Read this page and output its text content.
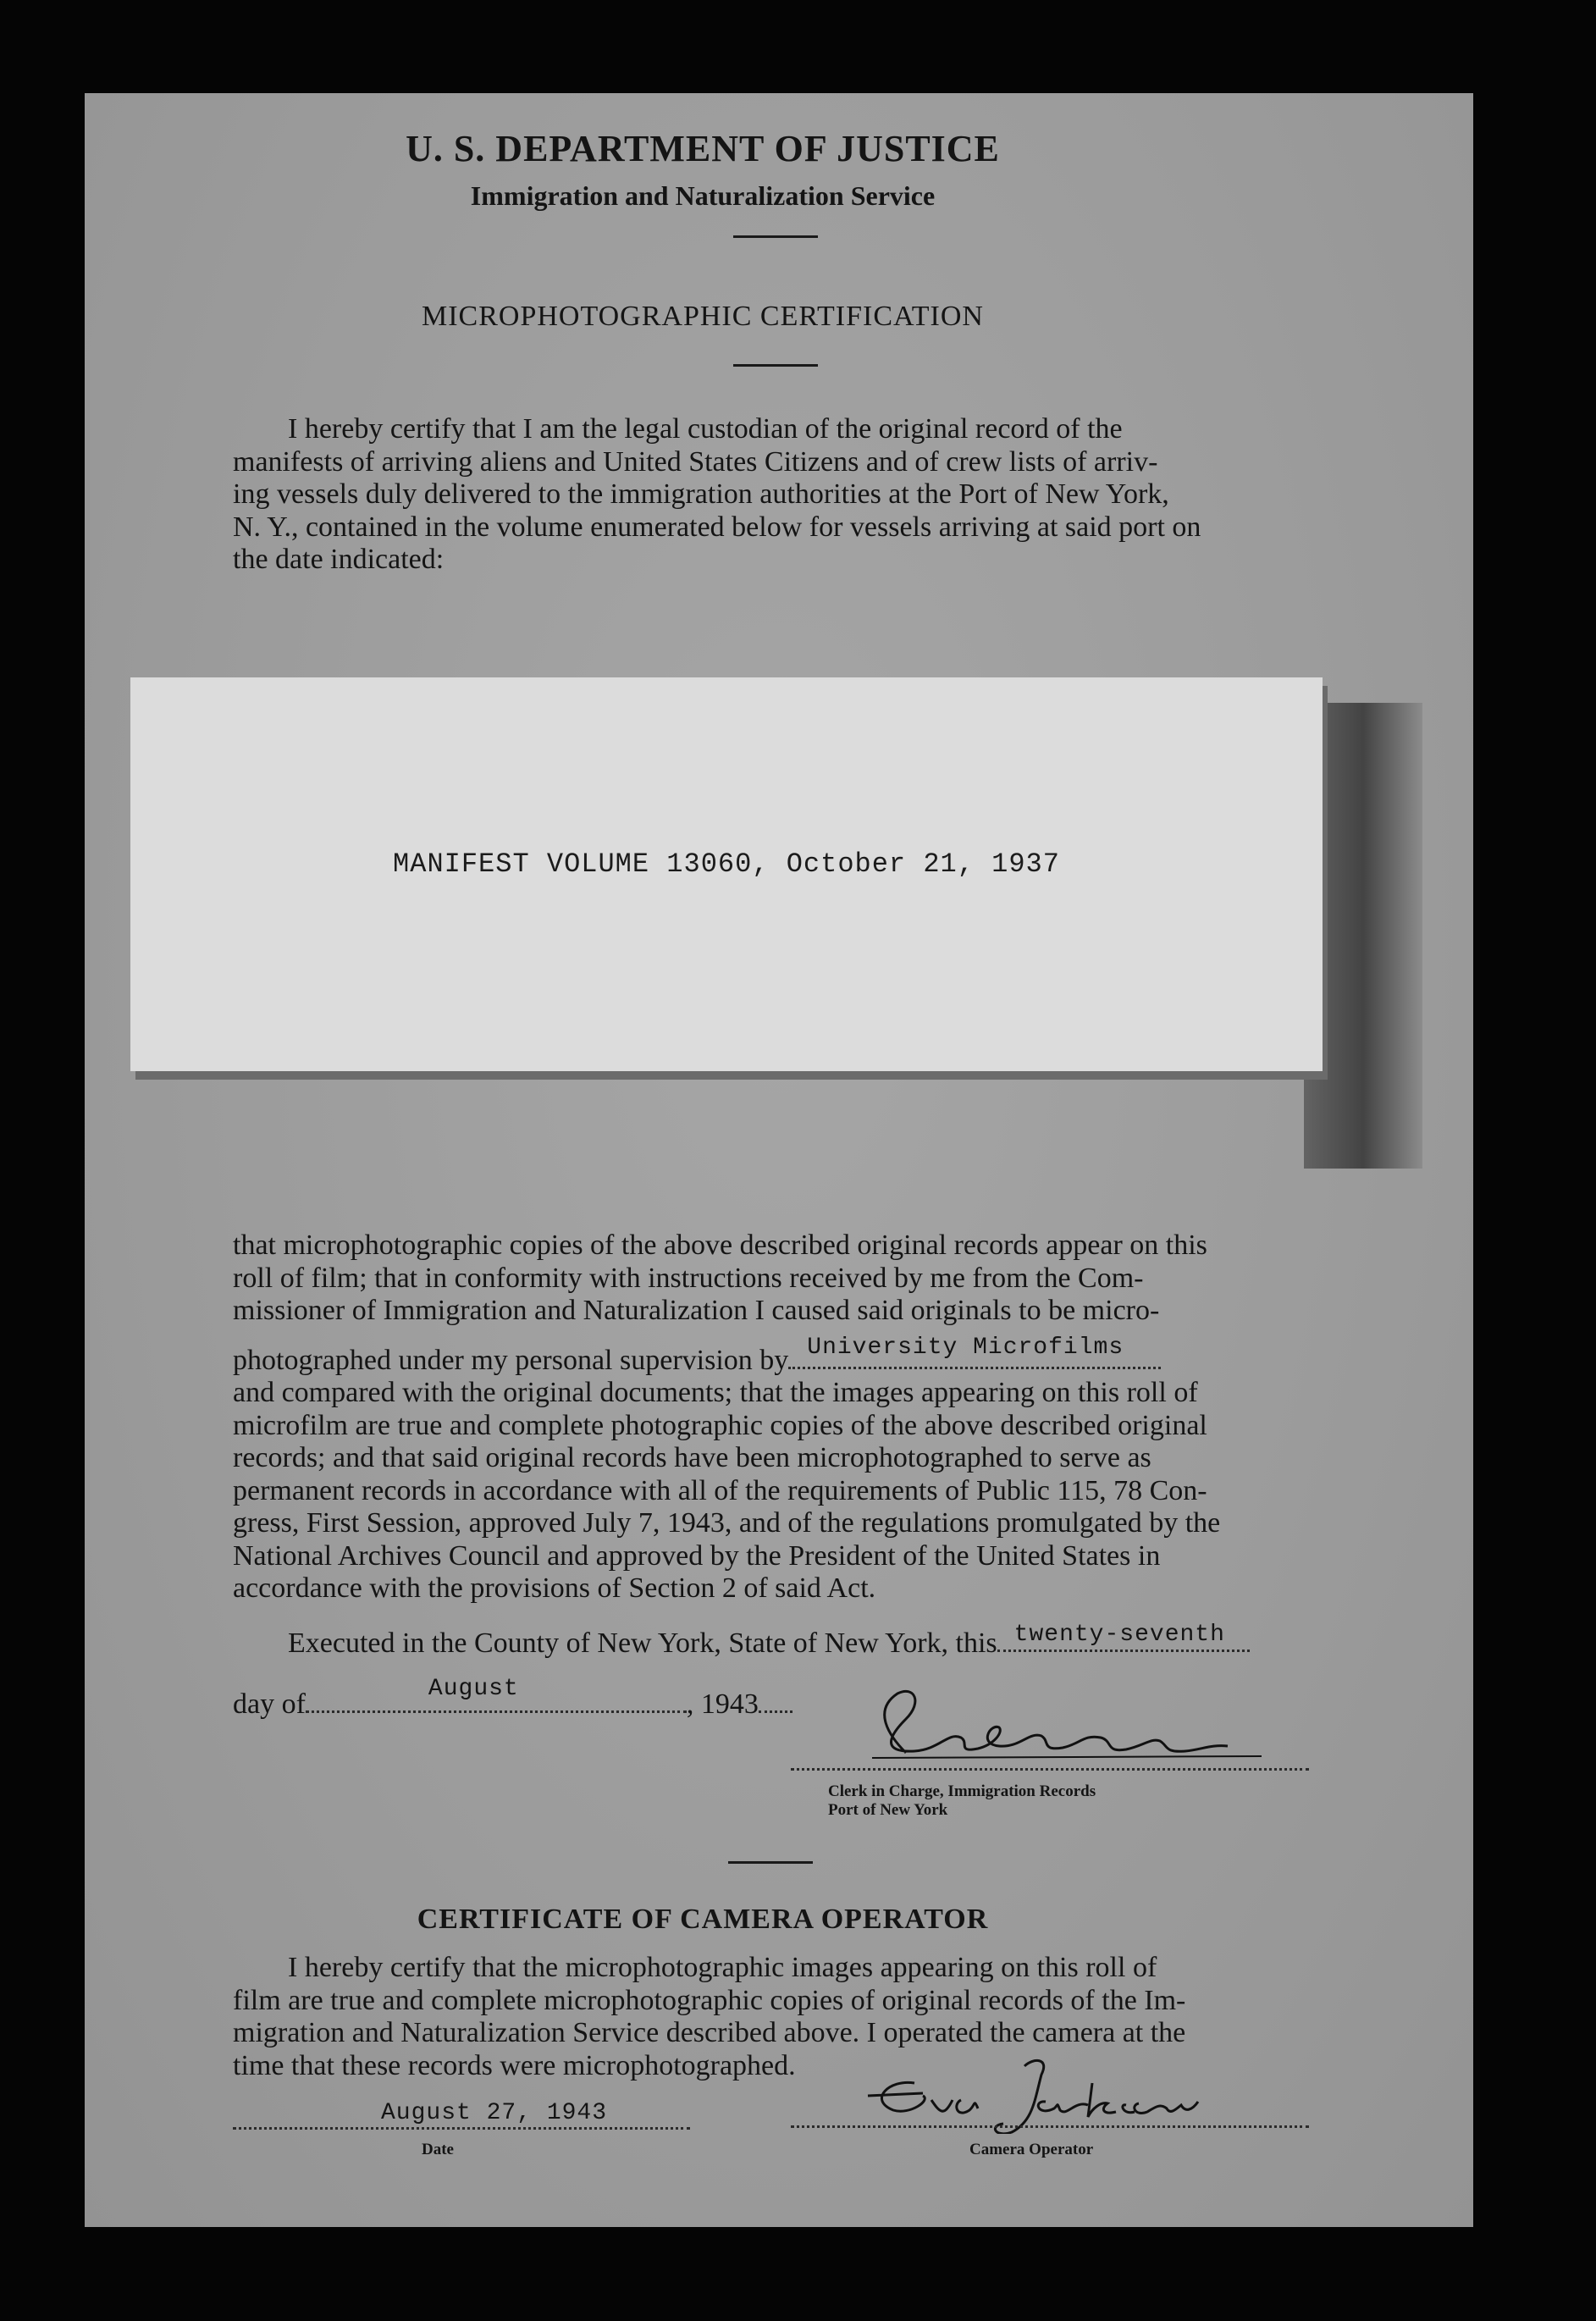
U. S. DEPARTMENT OF JUSTICE
Immigration and Naturalization Service
MICROPHOTOGRAPHIC CERTIFICATION
I hereby certify that I am the legal custodian of the original record of the
manifests of arriving aliens and United States Citizens and of crew lists of arriv-
ing vessels duly delivered to the immigration authorities at the Port of New York,
N. Y., contained in the volume enumerated below for vessels arriving at said port on
the date indicated:
MANIFEST VOLUME 13060, October 21, 1937
that microphotographic copies of the above described original records appear on this
roll of film; that in conformity with instructions received by me from the Com-
missioner of Immigration and Naturalization I caused said originals to be micro-
photographed under my personal supervision by University Microfilms
and compared with the original documents; that the images appearing on this roll of
microfilm are true and complete photographic copies of the above described original
records; and that said original records have been microphotographed to serve as
permanent records in accordance with all of the requirements of Public 115, 78 Con-
gress, First Session, approved July 7, 1943, and of the regulations promulgated by the
National Archives Council and approved by the President of the United States in
accordance with the provisions of Section 2 of said Act.
Executed in the County of New York, State of New York, this twenty-seventh
day of	August	, 1943
Clerk in Charge, Immigration Records
Port of New York
CERTIFICATE OF CAMERA OPERATOR
I hereby certify that the microphotographic images appearing on this roll of
film are true and complete microphotographic copies of original records of the Im-
migration and Naturalization Service described above. I operated the camera at the
time that these records were microphotographed.
August 27, 1943
Date	Camera Operator
